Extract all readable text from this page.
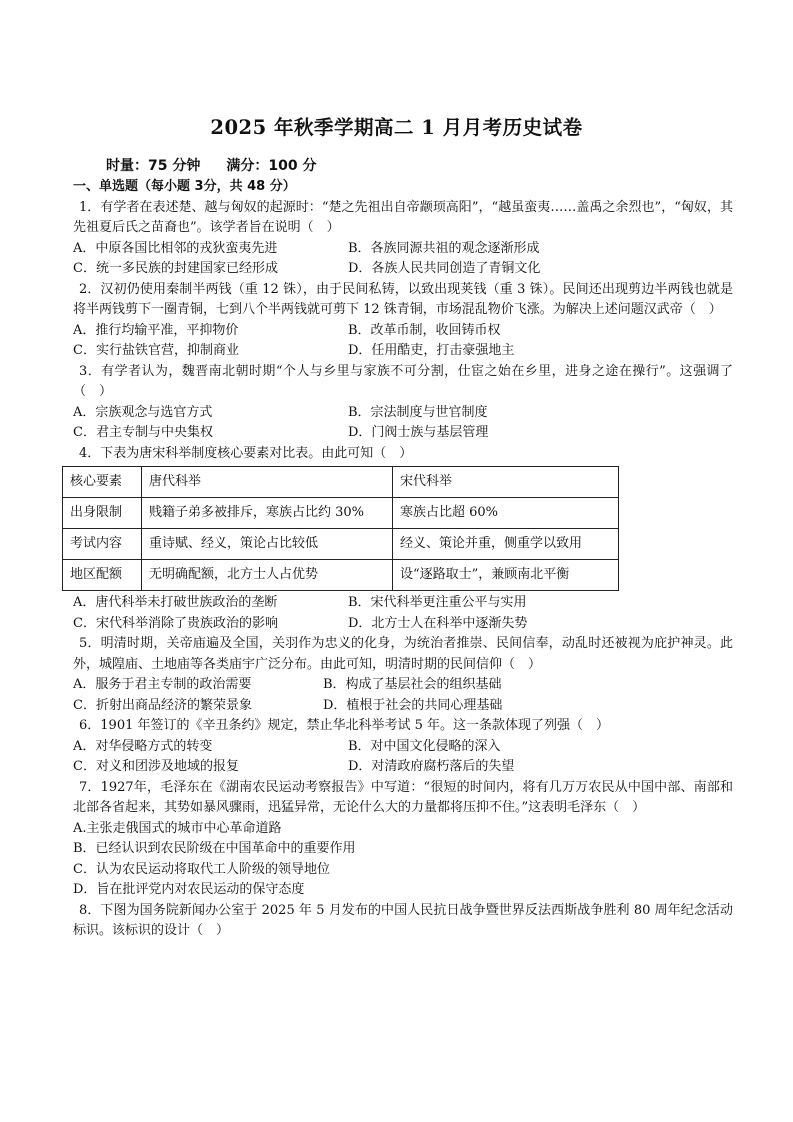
2025 年秋季学期高二 1 月月考历史试卷
时量：75 分钟 满分：100 分
一、单选题（每小题 3分，共 48 分）
1．有学者在表述楚、越与匈奴的起源时：“楚之先祖出自帝颛顼高阳”，“越虽蛮夷……盖禹之余烈也”，“匈奴，其先祖夏后氏之苗裔也”。该学者旨在说明（　）
A．中原各国比相邻的戎狄蛮夷先进	B．各族同源共祖的观念逐渐形成
C．统一多民族的封建国家已经形成	D．各族人民共同创造了青铜文化
2．汉初仍使用秦制半两钱（重 12 铢），由于民间私铸，以致出现荚钱（重 3 铢）。民间还出现剪边半两钱也就是将半两钱剪下一圈青铜，七到八个半两钱就可剪下 12 铢青铜，市场混乱物价飞涨。为解决上述问题汉武帝（　）
A．推行均输平准，平抑物价	B．改革币制，收回铸币权
C．实行盐铁官营，抑制商业	D．任用酷吏，打击豪强地主
3．有学者认为，魏晋南北朝时期“个人与乡里与家族不可分割，仕宦之始在乡里，进身之途在操行”。这强调了（　）
A．宗族观念与选官方式	B．宗法制度与世官制度
C．君主专制与中央集权	D．门阀士族与基层管理
4．下表为唐宋科举制度核心要素对比表。由此可知（　）
核心要素	唐代科举	宋代科举
出身限制	贱籍子弟多被排斥，寒族占比约 30%	寒族占比超 60%
考试内容	重诗赋、经义，策论占比较低	经义、策论并重，侧重学以致用
地区配额	无明确配额，北方士人占优势	设“逐路取士”，兼顾南北平衡
A．唐代科举未打破世族政治的垄断	B．宋代科举更注重公平与实用
C．宋代科举消除了贵族政治的影响	D．北方士人在科举中逐渐失势
5．明清时期，关帝庙遍及全国，关羽作为忠义的化身，为统治者推崇、民间信奉，动乱时还被视为庇护神灵。此外，城隍庙、土地庙等各类庙宇广泛分布。由此可知，明清时期的民间信仰（　）
A．服务于君主专制的政治需要	B．构成了基层社会的组织基础
C．折射出商品经济的繁荣景象	D．植根于社会的共同心理基础
6．1901 年签订的《辛丑条约》规定，禁止华北科举考试 5 年。这一条款体现了列强（　）
A．对华侵略方式的转变	B．对中国文化侵略的深入
C．对义和团涉及地域的报复	D．对清政府腐朽落后的失望
7．1927年，毛泽东在《湖南农民运动考察报告》中写道：“很短的时间内，将有几万万农民从中国中部、南部和北部各省起来，其势如暴风骤雨，迅猛异常，无论什么大的力量都将压抑不住。”这表明毛泽东（　）
A.主张走俄国式的城市中心革命道路
B．已经认识到农民阶级在中国革命中的重要作用
C．认为农民运动将取代工人阶级的领导地位
D．旨在批评党内对农民运动的保守态度
8．下图为国务院新闻办公室于 2025 年 5 月发布的中国人民抗日战争暨世界反法西斯战争胜利 80 周年纪念活动标识。该标识的设计（　）
